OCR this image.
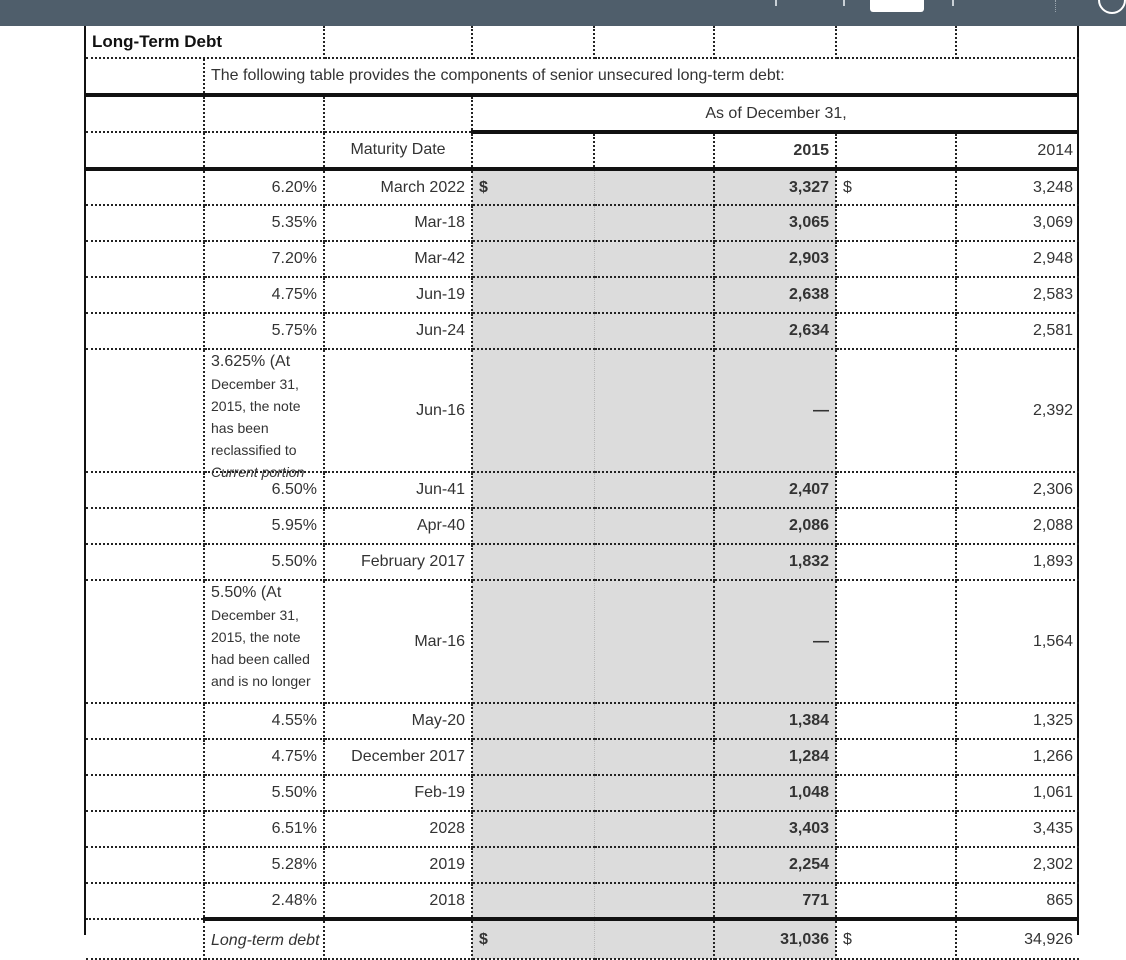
Long-Term Debt							
	The following table provides the components of senior unsecured long-term debt:						
			As of December 31,				
		Maturity Date			2015		2014
	6.20%	March 2022	$		3,327	$	3,248
	5.35%	Mar-18			3,065		3,069
	7.20%	Mar-42			2,903		2,948
	4.75%	Jun-19			2,638		2,583
	5.75%	Jun-24			2,634		2,581

	3.625% (At December 31, 2015, the note has been reclassified to Current portion	Jun-16			—		2,392
	6.50%	Jun-41			2,407		2,306
	5.95%	Apr-40			2,086		2,088
	5.50%	February 2017			1,832		1,893

	5.50% (At December 31, 2015, the note had been called and is no longer	Mar-16			—		1,564
	4.55%	May-20			1,384		1,325
	4.75%	December 2017			1,284		1,266
	5.50%	Feb-19			1,048		1,061
	6.51%	2028			3,403		3,435
	5.28%	2019			2,254		2,302
	2.48%	2018			771		865
	Long-term debt		$		31,036	$	34,926
